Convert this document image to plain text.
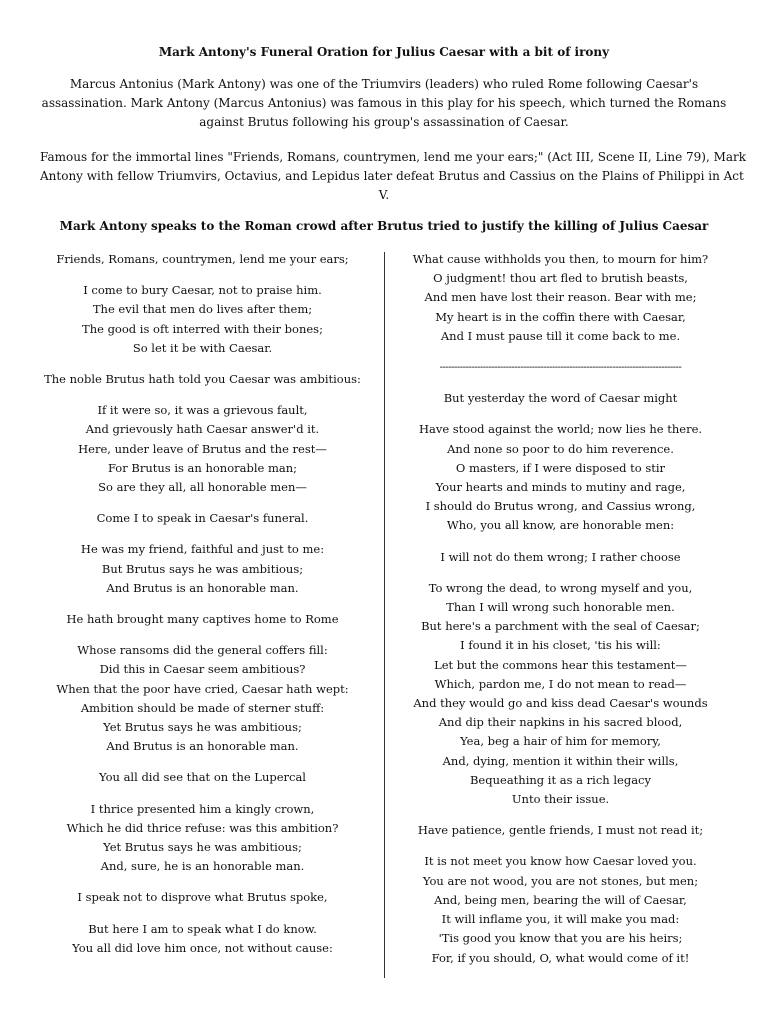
Mark Antony's Funeral Oration for Julius Caesar with a bit of irony
Marcus Antonius (Mark Antony) was one of the Triumvirs (leaders) who ruled Rome following Caesar's
assassination. Mark Antony (Marcus Antonius) was famous in this play for his speech, which turned the Romans
against Brutus following his group's assassination of Caesar.
Famous for the immortal lines "Friends, Romans, countrymen, lend me your ears;" (Act III, Scene II, Line 79), Mark
Antony with fellow Triumvirs, Octavius, and Lepidus later defeat Brutus and Cassius on the Plains of Philippi in Act
V.
Mark Antony speaks to the Roman crowd after Brutus tried to justify the killing of Julius Caesar
Friends, Romans, countrymen, lend me your ears;
I come to bury Caesar, not to praise him.
The evil that men do lives after them;
The good is oft interred with their bones;
So let it be with Caesar.
The noble Brutus hath told you Caesar was ambitious:
If it were so, it was a grievous fault,
And grievously hath Caesar answer'd it.
Here, under leave of Brutus and the rest—
For Brutus is an honorable man;
So are they all, all honorable men—
Come I to speak in Caesar's funeral.
He was my friend, faithful and just to me:
But Brutus says he was ambitious;
And Brutus is an honorable man.
He hath brought many captives home to Rome
Whose ransoms did the general coffers fill:
Did this in Caesar seem ambitious?
When that the poor have cried, Caesar hath wept:
Ambition should be made of sterner stuff:
Yet Brutus says he was ambitious;
And Brutus is an honorable man.
You all did see that on the Lupercal
I thrice presented him a kingly crown,
Which he did thrice refuse: was this ambition?
Yet Brutus says he was ambitious;
And, sure, he is an honorable man.
I speak not to disprove what Brutus spoke,
But here I am to speak what I do know.
You all did love him once, not without cause:
What cause withholds you then, to mourn for him?
O judgment! thou art fled to brutish beasts,
And men have lost their reason. Bear with me;
My heart is in the coffin there with Caesar,
And I must pause till it come back to me.
------------------------------------------------------------------------------------
But yesterday the word of Caesar might
Have stood against the world; now lies he there.
And none so poor to do him reverence.
O masters, if I were disposed to stir
Your hearts and minds to mutiny and rage,
I should do Brutus wrong, and Cassius wrong,
Who, you all know, are honorable men:
I will not do them wrong; I rather choose
To wrong the dead, to wrong myself and you,
Than I will wrong such honorable men.
But here's a parchment with the seal of Caesar;
I found it in his closet, 'tis his will:
Let but the commons hear this testament—
Which, pardon me, I do not mean to read—
And they would go and kiss dead Caesar's wounds
And dip their napkins in his sacred blood,
Yea, beg a hair of him for memory,
And, dying, mention it within their wills,
Bequeathing it as a rich legacy
Unto their issue.
Have patience, gentle friends, I must not read it;
It is not meet you know how Caesar loved you.
You are not wood, you are not stones, but men;
And, being men, bearing the will of Caesar,
It will inflame you, it will make you mad:
'Tis good you know that you are his heirs;
For, if you should, O, what would come of it!
